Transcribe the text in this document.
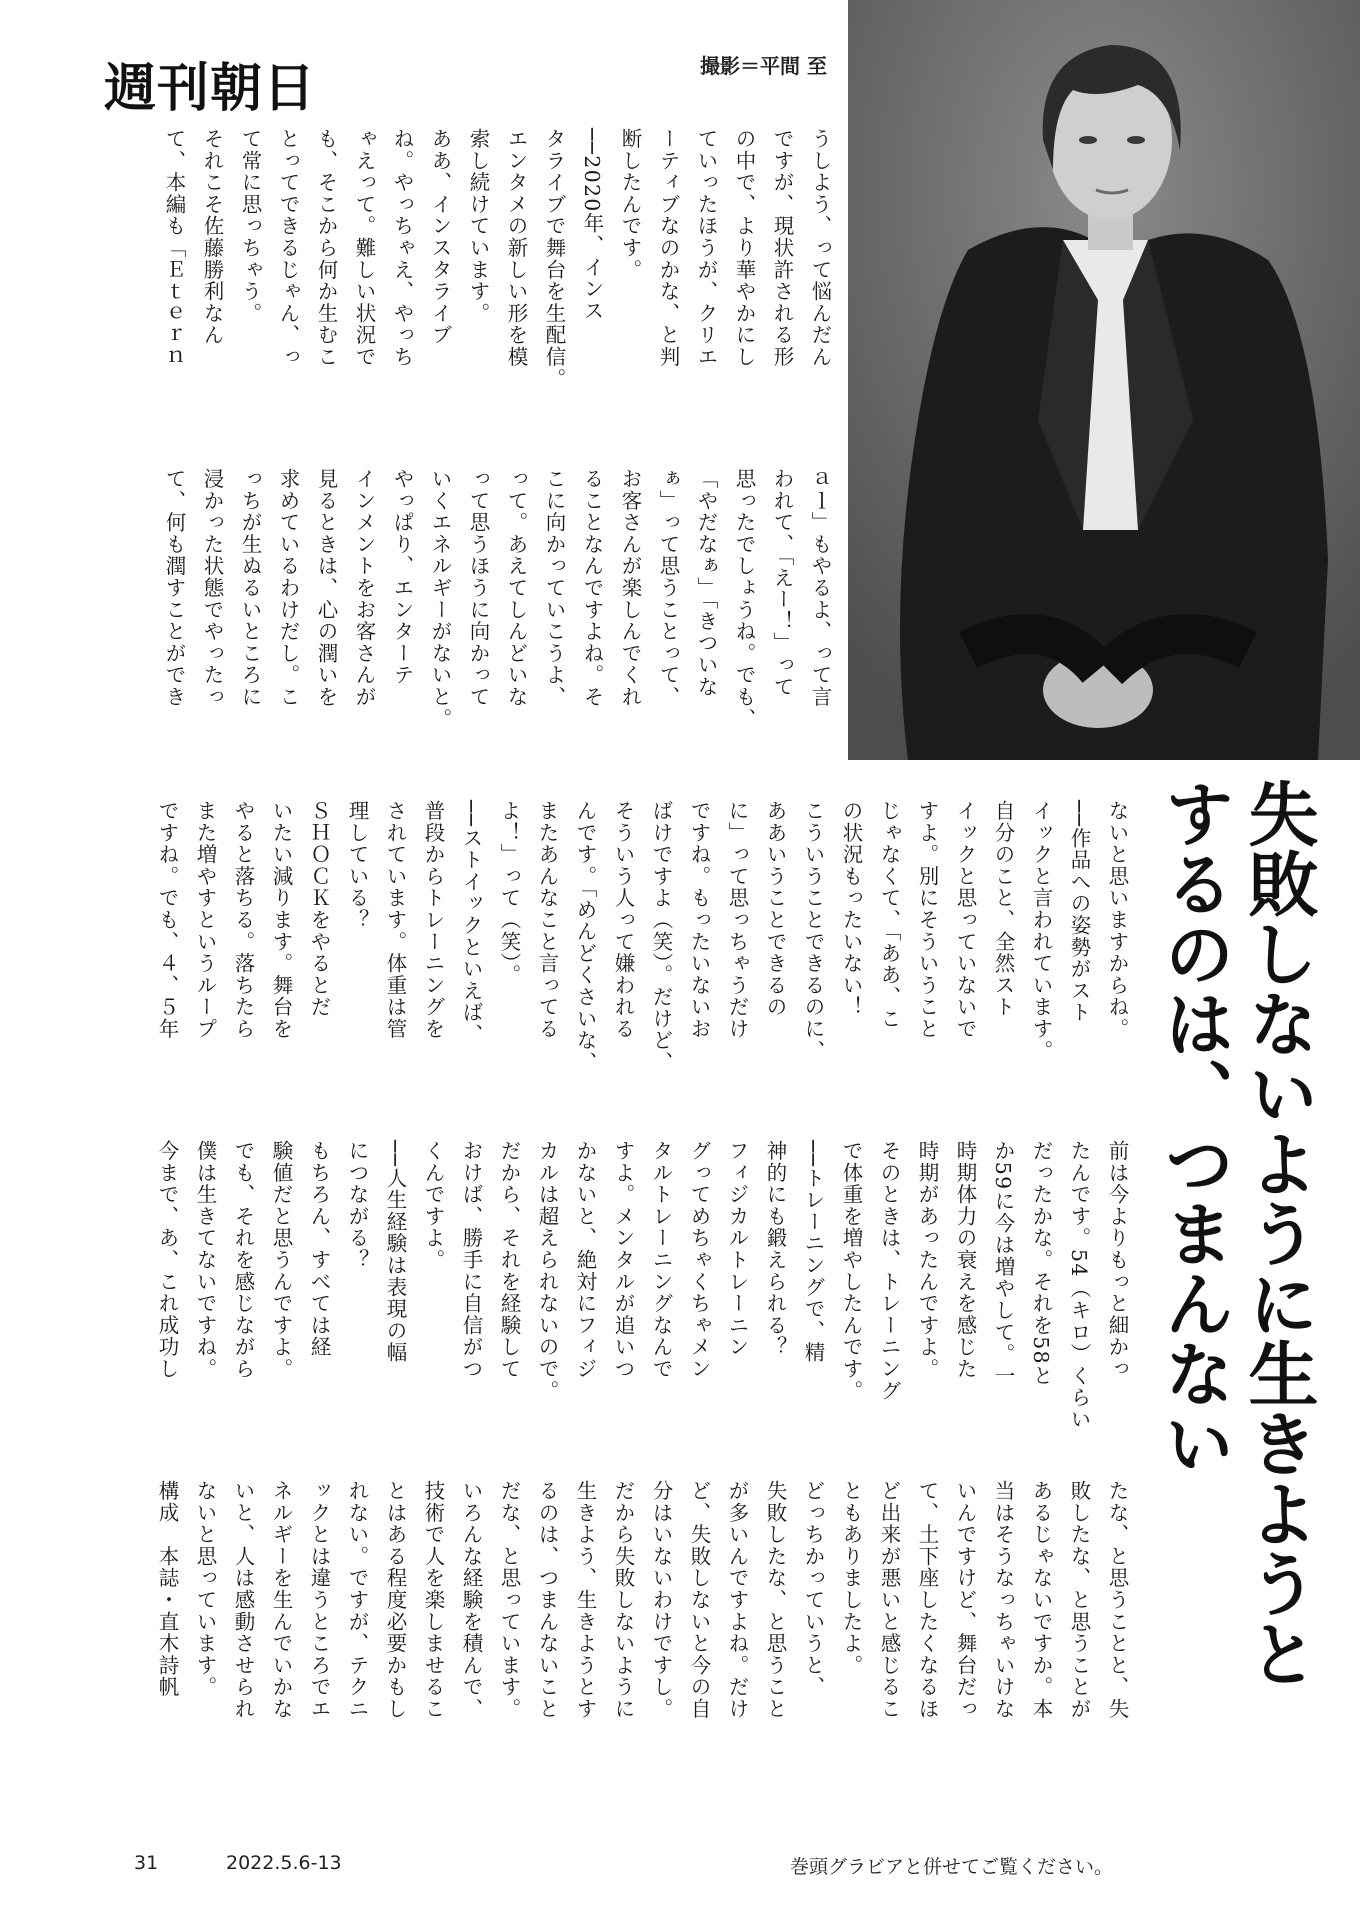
週刊朝日	撮影＝平間 至
失敗しないように生きようと
するのは、つまんない
うしよう、って悩んだん
ですが、現状許される形
の中で、より華やかにし
ていったほうが、クリエ
ーティブなのかな、と判
断したんです。
──2020年、インス
タライブで舞台を生配信。
エンタメの新しい形を模
索し続けています。
ああ、インスタライブ
ね。やっちゃえ、やっち
ゃえって。難しい状況で
も、そこから何か生むこ
とってできるじゃん、っ
て常に思っちゃう。
それこそ佐藤勝利なん
て、本編も「Ｅｔｅｒｎ
ａｌ」もやるよ、って言
われて、「えー！」って
思ったでしょうね。でも、
「やだなぁ」「きついな
ぁ」って思うことって、
お客さんが楽しんでくれ
ることなんですよね。そ
こに向かっていこうよ、
って。あえてしんどいな
って思うほうに向かって
いくエネルギーがないと。
やっぱり、エンターテ
インメントをお客さんが
見るときは、心の潤いを
求めているわけだし。こ
っちが生ぬるいところに
浸かった状態でやったっ
て、何も潤すことができ
ないと思いますからね。
──作品への姿勢がスト
イックと言われています。
自分のこと、全然スト
イックと思っていないで
すよ。別にそういうこと
じゃなくて、「ああ、こ
の状況もったいない！
こういうことできるのに、
ああいうことできるの
に」って思っちゃうだけ
ですね。もったいないお
ばけですよ（笑）。だけど、
そういう人って嫌われる
んです。「めんどくさいな、
またあんなこと言ってる
よ！」って（笑）。
──ストイックといえば、
普段からトレーニングを
されています。体重は管
理している？
ＳＨＯＣＫをやるとだ
いたい減ります。舞台を
やると落ちる。落ちたら
また増やすというループ
ですね。でも、４、５年
前は今よりもっと細かっ
たんです。54（キロ）くらい
だったかな。それを58と
か59に今は増やして。一
時期体力の衰えを感じた
時期があったんですよ。
そのときは、トレーニング
で体重を増やしたんです。
──トレーニングで、精
神的にも鍛えられる？
フィジカルトレーニン
グってめちゃくちゃメン
タルトレーニングなんで
すよ。メンタルが追いつ
かないと、絶対にフィジ
カルは超えられないので。
だから、それを経験して
おけば、勝手に自信がつ
くんですよ。
──人生経験は表現の幅
につながる？
もちろん、すべては経
験値だと思うんですよ。
でも、それを感じながら
僕は生きてないですね。
今まで、あ、これ成功し
たな、と思うことと、失
敗したな、と思うことが
あるじゃないですか。本
当はそうなっちゃいけな
いんですけど、舞台だっ
て、土下座したくなるほ
ど出来が悪いと感じるこ
ともありましたよ。
どっちかっていうと、
失敗したな、と思うこと
が多いんですよね。だけ
ど、失敗しないと今の自
分はいないわけですし。
だから失敗しないように
生きよう、生きようとす
るのは、つまんないこと
だな、と思っています。
いろんな経験を積んで、
技術で人を楽しませるこ
とはある程度必要かもし
れない。ですが、テクニ
ックとは違うところでエ
ネルギーを生んでいかな
いと、人は感動させられ
ないと思っています。
構成　本誌・直木詩帆
31	2022.5.6-13	巻頭グラビアと併せてご覧ください。
